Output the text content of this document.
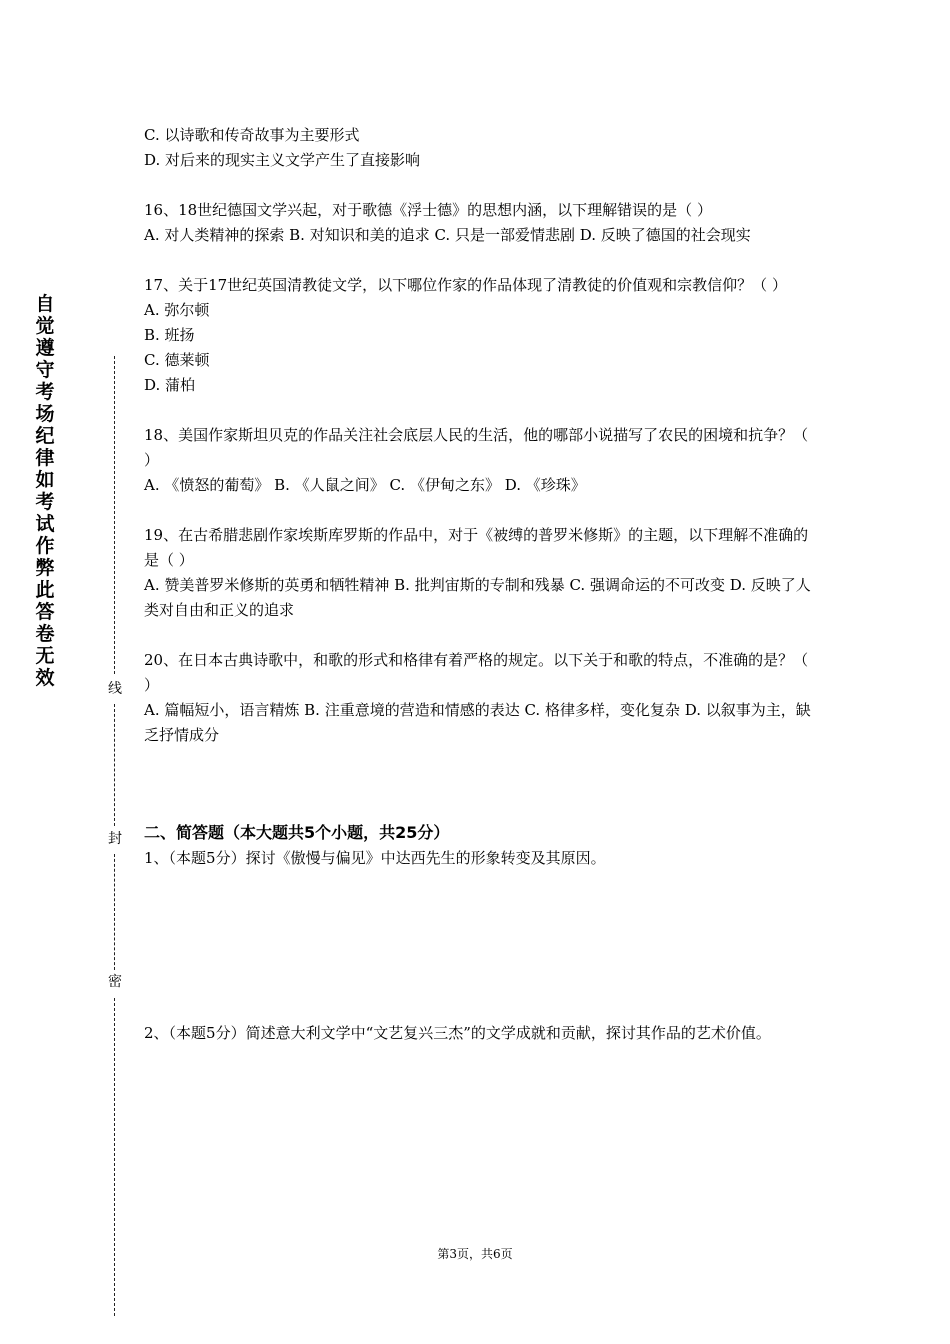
自觉遵守考场纪律如考试作弊此答卷无效	线
封
密
C. 以诗歌和传奇故事为主要形式
D. 对后来的现实主义文学产生了直接影响

16、18世纪德国文学兴起，对于歌德《浮士德》的思想内涵，以下理解错误的是（ ）

A. 对人类精神的探索 B. 对知识和美的追求 C. 只是一部爱情悲剧 D. 反映了德国的社会现实

17、关于17世纪英国清教徒文学，以下哪位作家的作品体现了清教徒的价值观和宗教信仰？（ ）

A. 弥尔顿
B. 班扬
C. 德莱顿
D. 蒲柏

18、美国作家斯坦贝克的作品关注社会底层人民的生活，他的哪部小说描写了农民的困境和抗争？（ ）

A. 《愤怒的葡萄》 B. 《人鼠之间》 C. 《伊甸之东》 D. 《珍珠》

19、在古希腊悲剧作家埃斯库罗斯的作品中，对于《被缚的普罗米修斯》的主题，以下理解不准确的是（ ）

A. 赞美普罗米修斯的英勇和牺牲精神 B. 批判宙斯的专制和残暴 C. 强调命运的不可改变 D. 反映了人类对自由和正义的追求

20、在日本古典诗歌中，和歌的形式和格律有着严格的规定。以下关于和歌的特点，不准确的是？（ ）

A. 篇幅短小，语言精炼 B. 注重意境的营造和情感的表达 C. 格律多样，变化复杂 D. 以叙事为主，缺乏抒情成分

二、简答题（本大题共5个小题，共25分）

1、（本题5分）探讨《傲慢与偏见》中达西先生的形象转变及其原因。

2、（本题5分）简述意大利文学中“文艺复兴三杰”的文学成就和贡献，探讨其作品的艺术价值。

第3页，共6页
